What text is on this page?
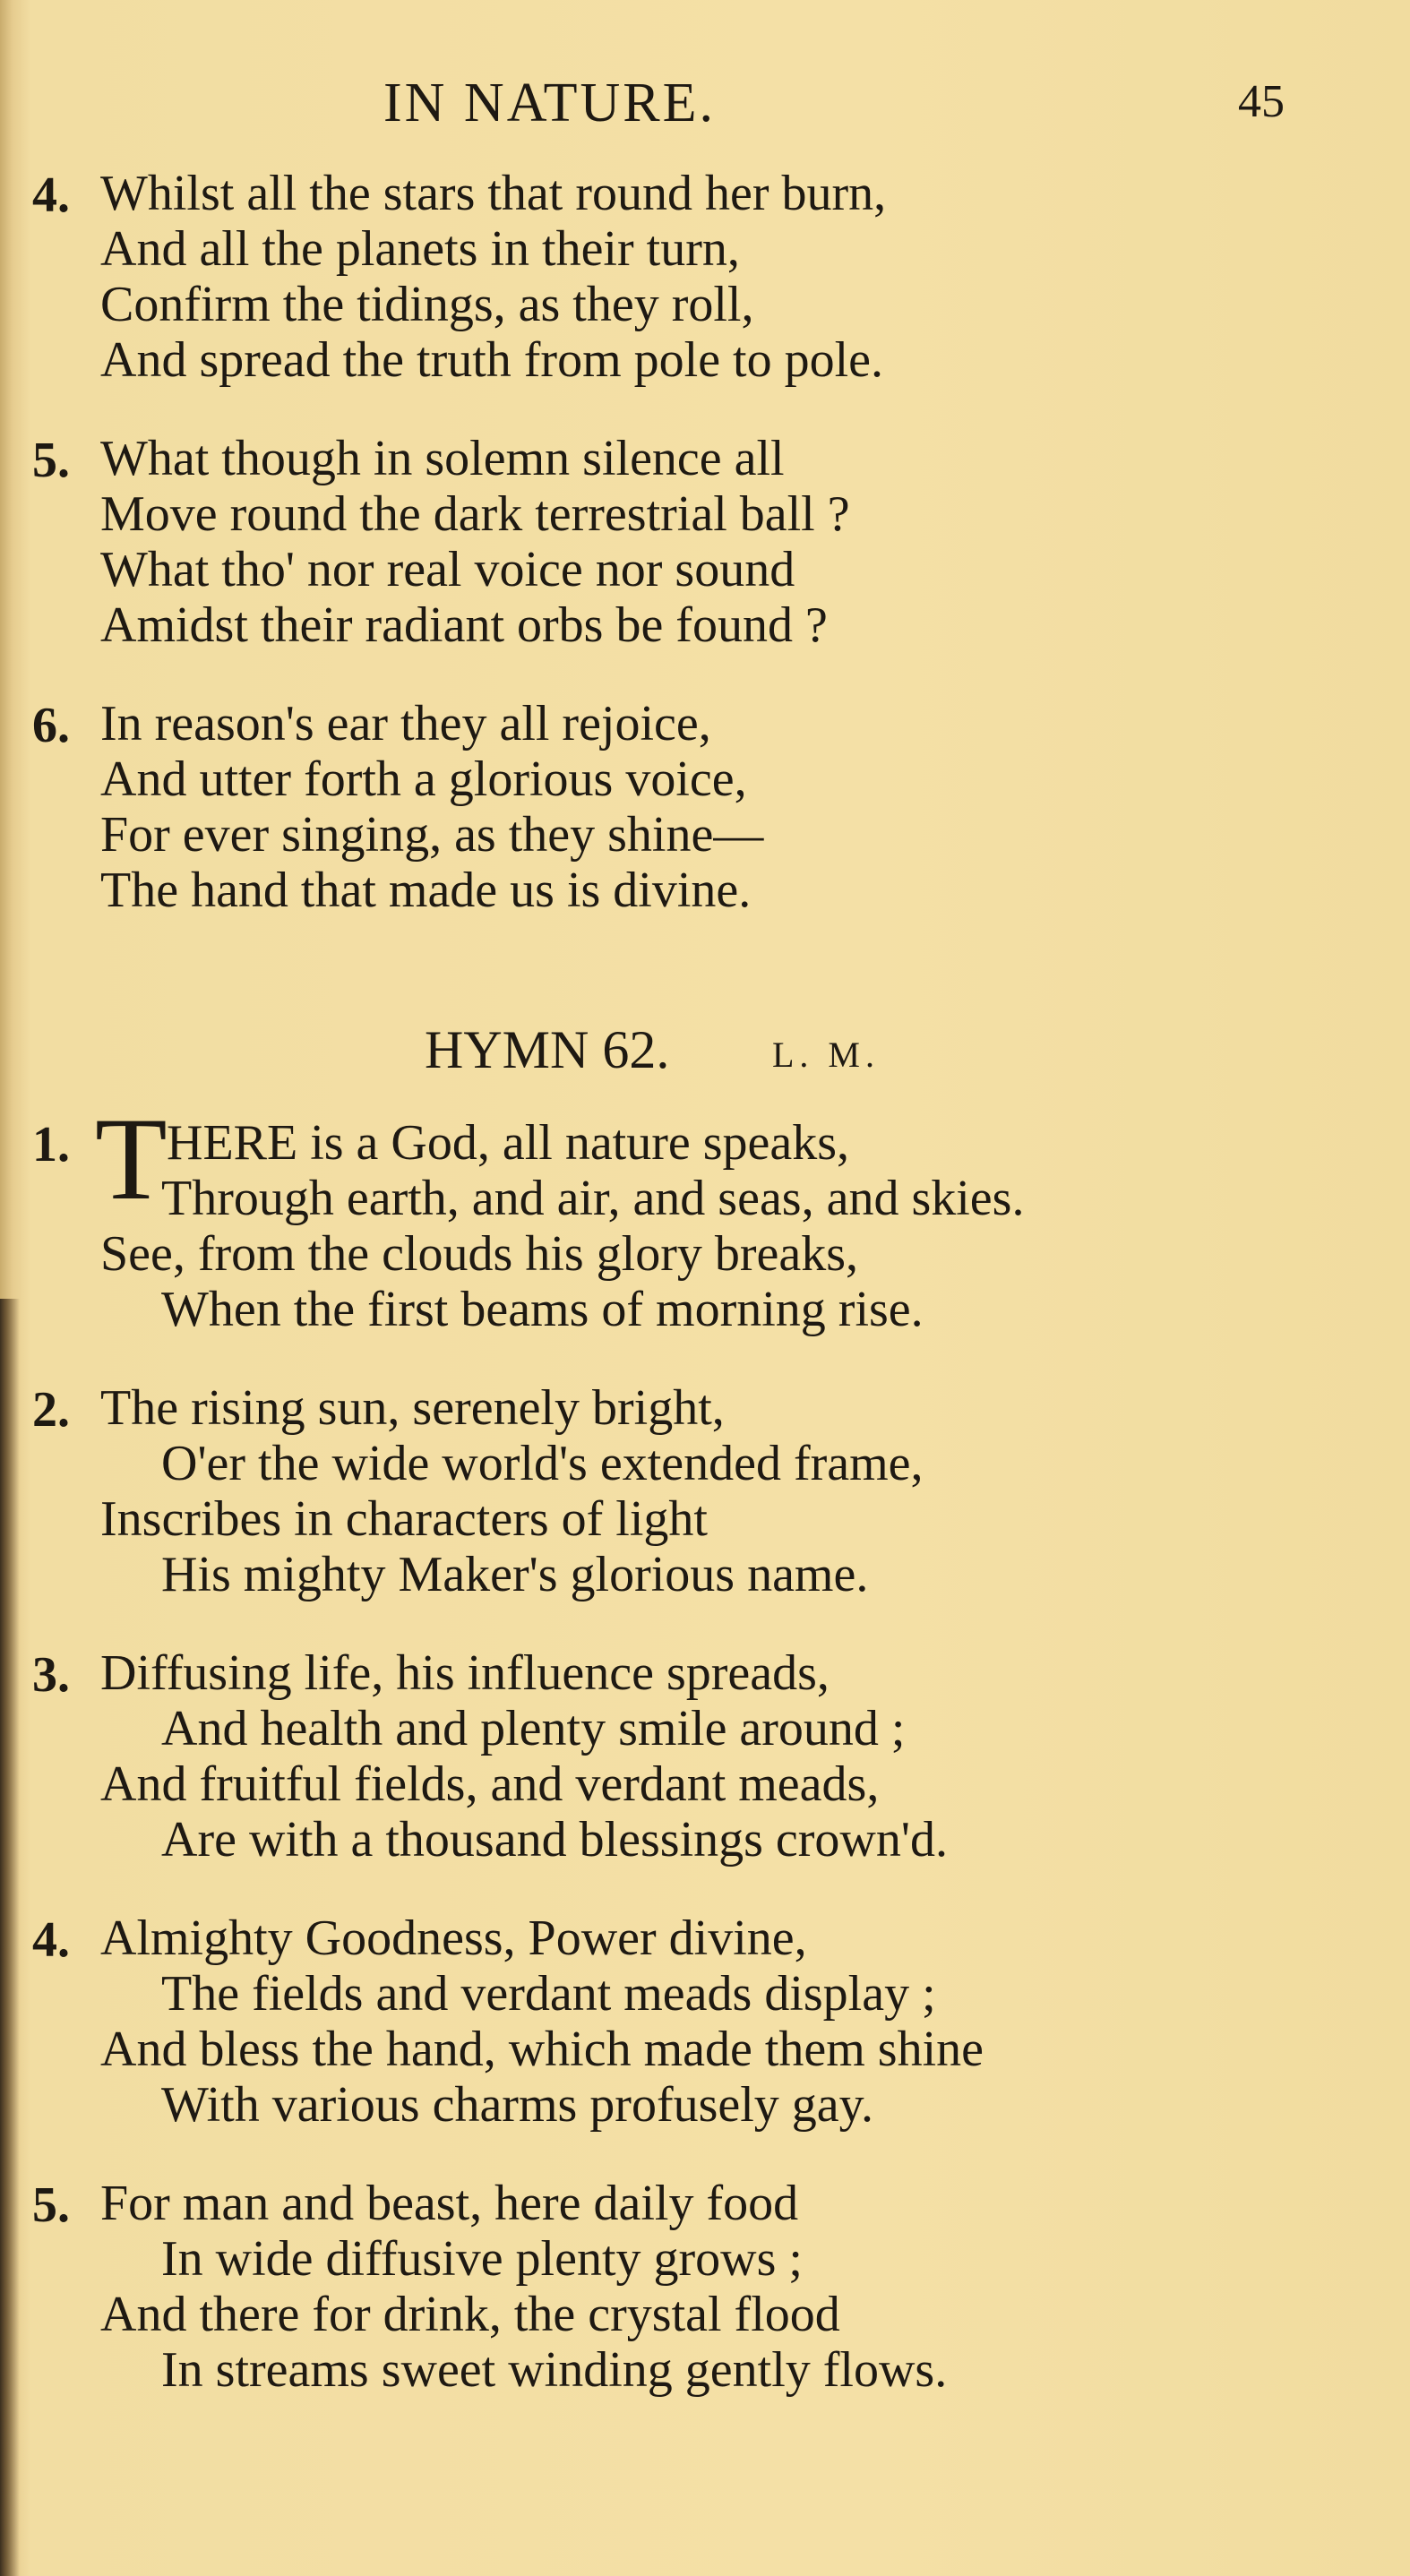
IN NATURE.	45
4. Whilst all the stars that round her burn,
And all the planets in their turn,
Confirm the tidings, as they roll,
And spread the truth from pole to pole.
5. What though in solemn silence all
Move round the dark terrestrial ball ?
What tho' nor real voice nor sound
Amidst their radiant orbs be found ?
6. In reason's ear they all rejoice,
And utter forth a glorious voice,
For ever singing, as they shine—
The hand that made us is divine.
HYMN 62.	L. M.
T
1. HERE is a God, all nature speaks,
Through earth, and air, and seas, and skies.
See, from the clouds his glory breaks,
When the first beams of morning rise.
2. The rising sun, serenely bright,
O'er the wide world's extended frame,
Inscribes in characters of light
His mighty Maker's glorious name.
3. Diffusing life, his influence spreads,
And health and plenty smile around ;
And fruitful fields, and verdant meads,
Are with a thousand blessings crown'd.
4. Almighty Goodness, Power divine,
The fields and verdant meads display ;
And bless the hand, which made them shine
With various charms profusely gay.
5. For man and beast, here daily food
In wide diffusive plenty grows ;
And there for drink, the crystal flood
In streams sweet winding gently flows.
